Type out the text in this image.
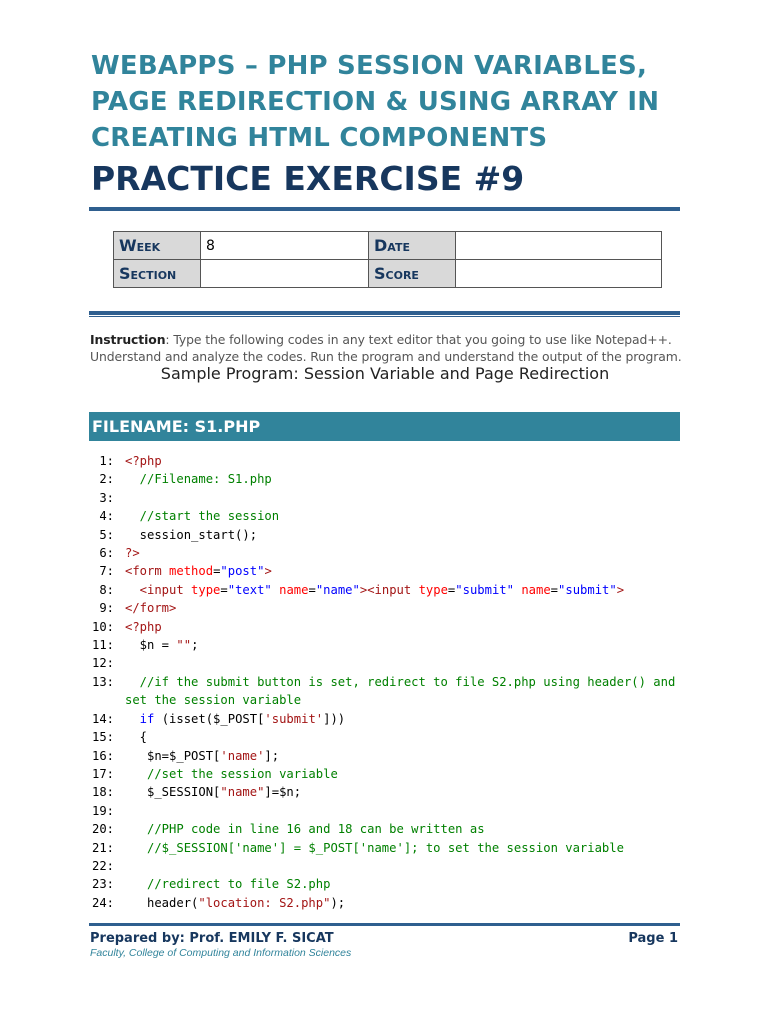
WEBAPPS – PHP SESSION VARIABLES,
PAGE REDIRECTION & USING ARRAY IN
CREATING HTML COMPONENTS
PRACTICE EXERCISE #9
Week	8	Date	
Section		Score	
Instruction: Type the following codes in any text editor that you going to use like Notepad++. Understand and analyze the codes. Run the program and understand the output of the program.
Sample Program: Session Variable and Page Redirection
FILENAME: S1.PHP
1: <?php
2: //Filename: S1.php
3:
4: //start the session
5: session_start();
6: ?>
7: <form method="post">
8: <input type="text" name="name"><input type="submit" name="submit">
9: </form>
10: <?php
11: $n = "";
12:
13: //if the submit button is set, redirect to file S2.php using header() and
set the session variable
14: if (isset($_POST['submit']))
15: {
16: $n=$_POST['name'];
17: //set the session variable
18: $_SESSION["name"]=$n;
19:
20: //PHP code in line 16 and 18 can be written as
21: //$_SESSION['name'] = $_POST['name']; to set the session variable
22:
23: //redirect to file S2.php
24: header("location: S2.php");
Prepared by: Prof. EMILY F. SICAT
Faculty, College of Computing and Information Sciences
Page 1
